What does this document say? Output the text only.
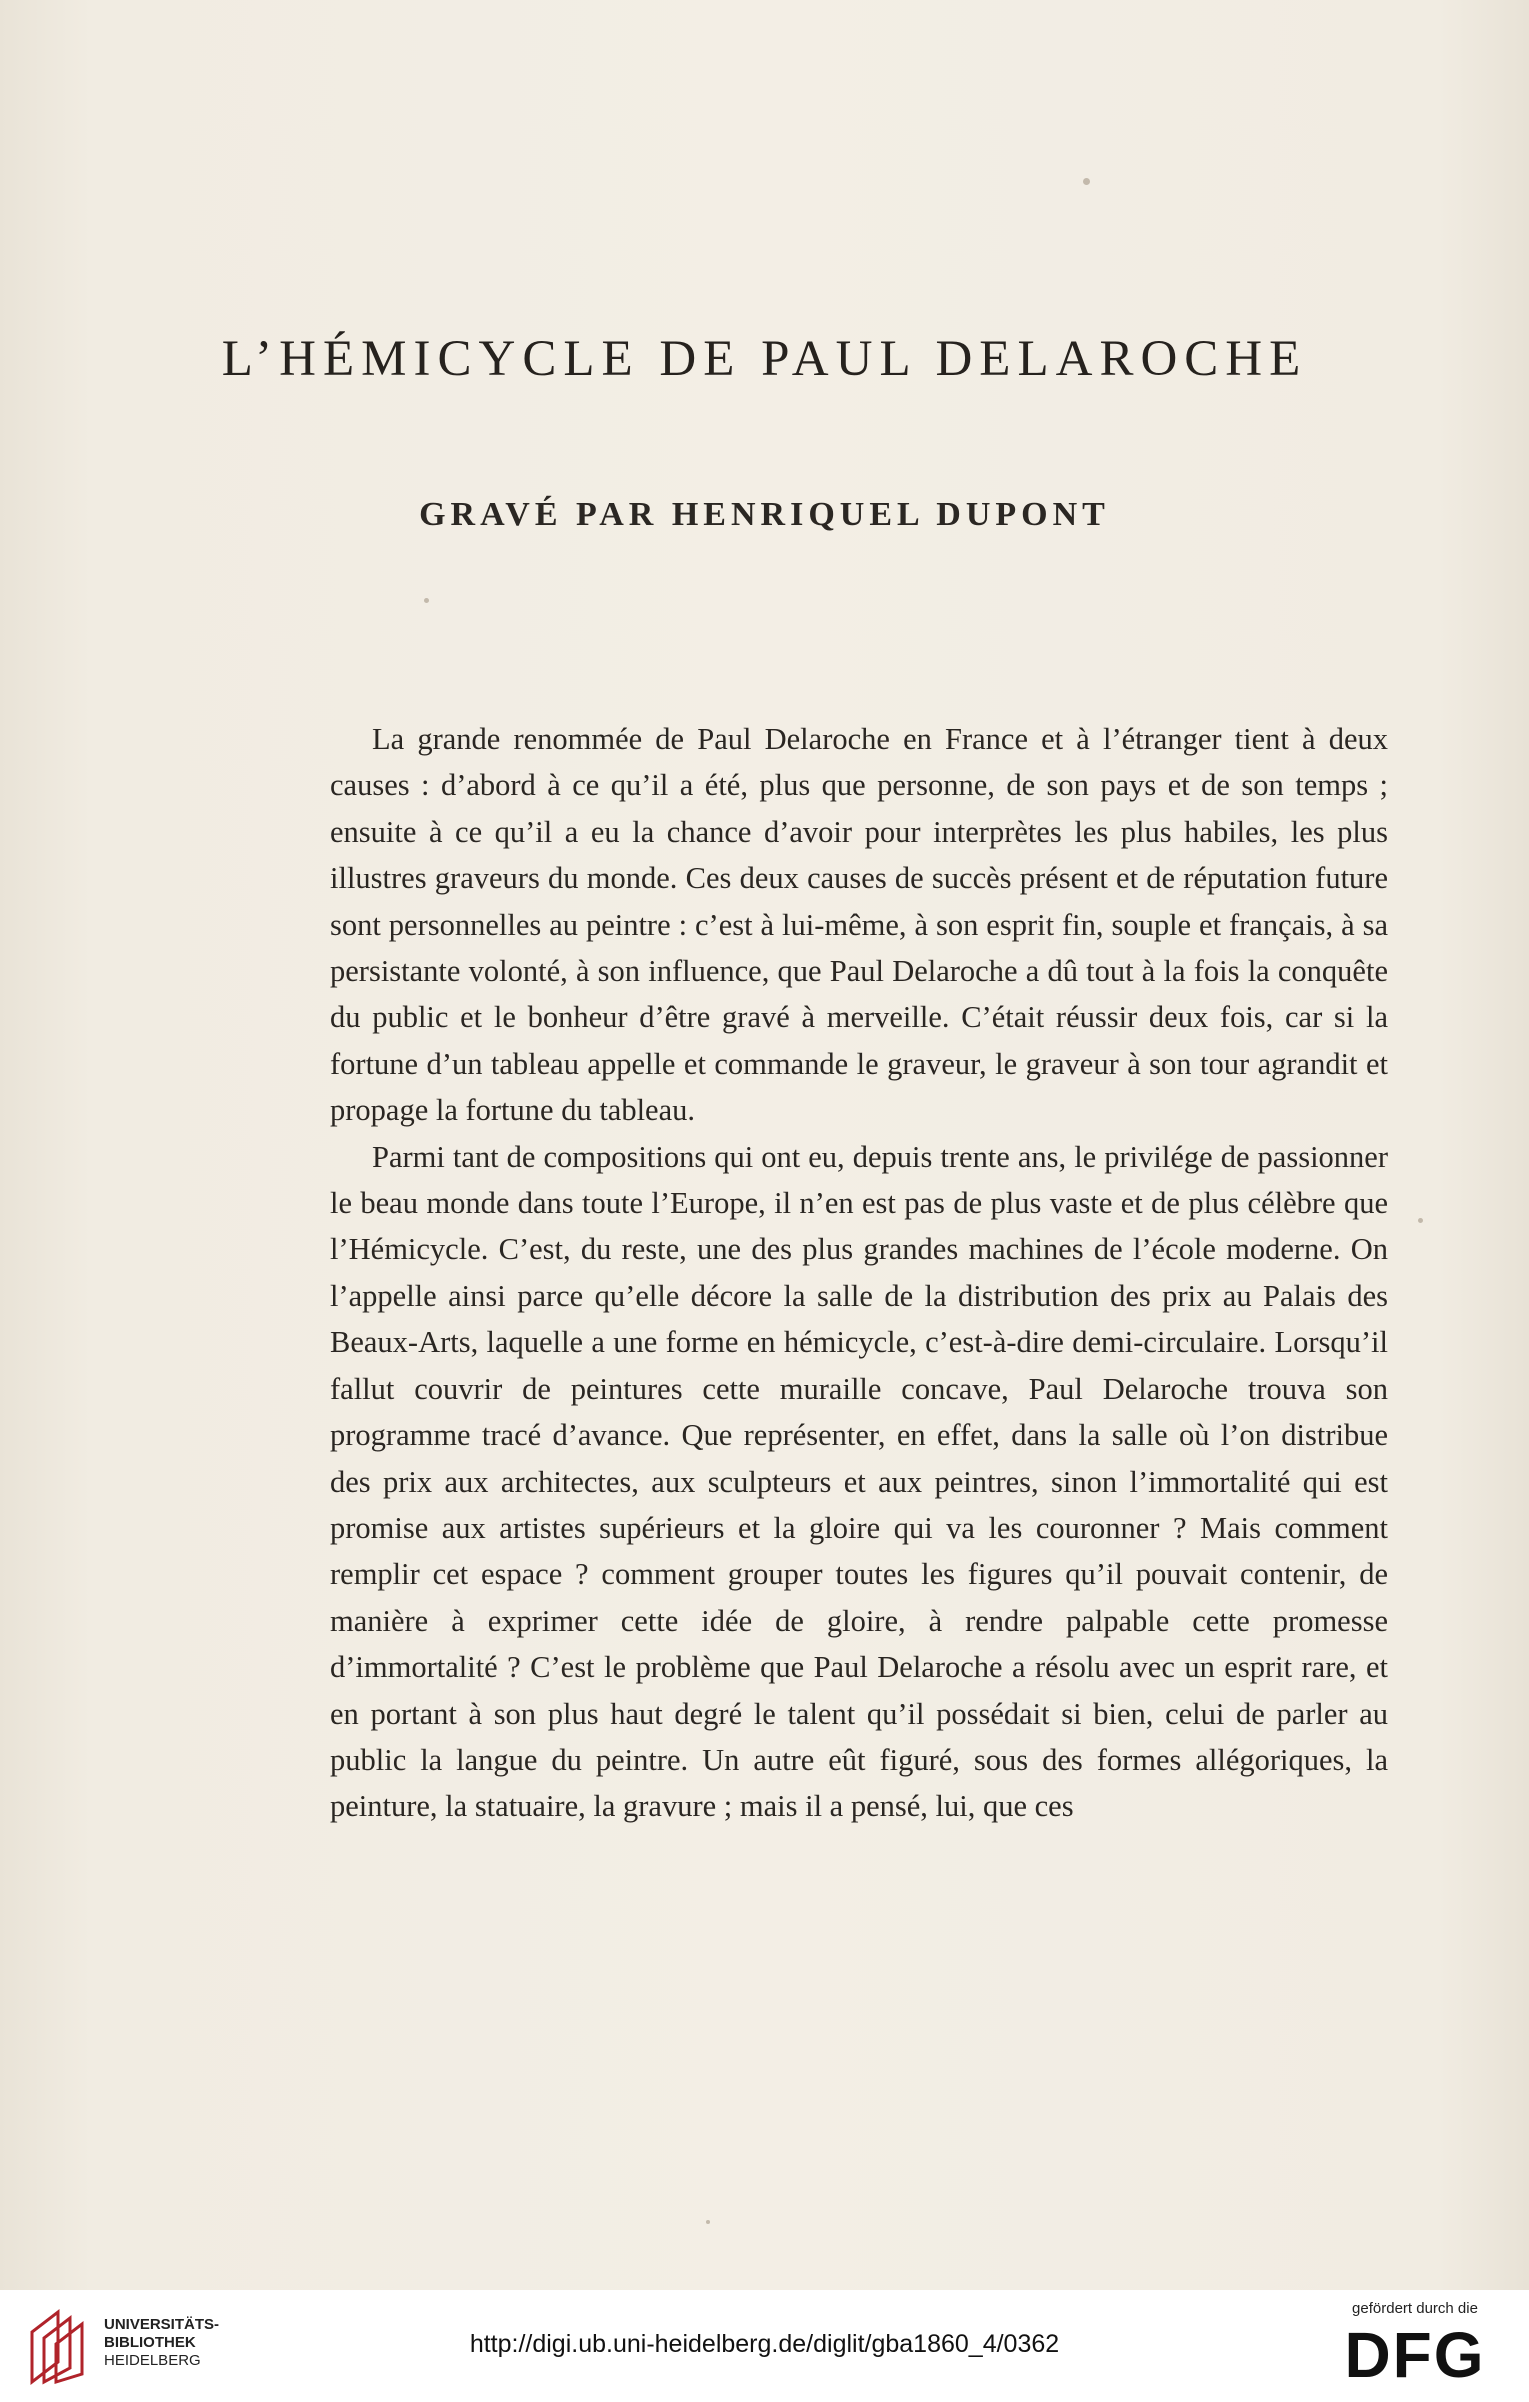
L’HÉMICYCLE DE PAUL DELAROCHE
GRAVÉ PAR HENRIQUEL DUPONT

La grande renommée de Paul Delaroche en France et à l’étranger tient à deux causes : d’abord à ce qu’il a été, plus que personne, de son pays et de son temps ; ensuite à ce qu’il a eu la chance d’avoir pour interprètes les plus habiles, les plus illustres graveurs du monde. Ces deux causes de succès présent et de réputation future sont personnelles au peintre : c’est à lui-même, à son esprit fin, souple et français, à sa persistante volonté, à son influence, que Paul Delaroche a dû tout à la fois la conquête du public et le bonheur d’être gravé à merveille. C’était réussir deux fois, car si la fortune d’un tableau appelle et commande le graveur, le graveur à son tour agrandit et propage la fortune du tableau.

Parmi tant de compositions qui ont eu, depuis trente ans, le privilége de passionner le beau monde dans toute l’Europe, il n’en est pas de plus vaste et de plus célèbre que l’Hémicycle. C’est, du reste, une des plus grandes machines de l’école moderne. On l’appelle ainsi parce qu’elle décore la salle de la distribution des prix au Palais des Beaux-Arts, laquelle a une forme en hémicycle, c’est-à-dire demi-circulaire. Lorsqu’il fallut couvrir de peintures cette muraille concave, Paul Delaroche trouva son programme tracé d’avance. Que représenter, en effet, dans la salle où l’on distribue des prix aux architectes, aux sculpteurs et aux peintres, sinon l’immortalité qui est promise aux artistes supérieurs et la gloire qui va les couronner ? Mais comment remplir cet espace ? comment grouper toutes les figures qu’il pouvait contenir, de manière à exprimer cette idée de gloire, à rendre palpable cette promesse d’immortalité ? C’est le problème que Paul Delaroche a résolu avec un esprit rare, et en portant à son plus haut degré le talent qu’il possédait si bien, celui de parler au public la langue du peintre. Un autre eût figuré, sous des formes allégoriques, la peinture, la statuaire, la gravure ; mais il a pensé, lui, que ces

UNIVERSITÄTS-
BIBLIOTHEK
HEIDELBERG
http://digi.ub.uni-heidelberg.de/diglit/gba1860_4/0362
gefördert durch die
DFG
